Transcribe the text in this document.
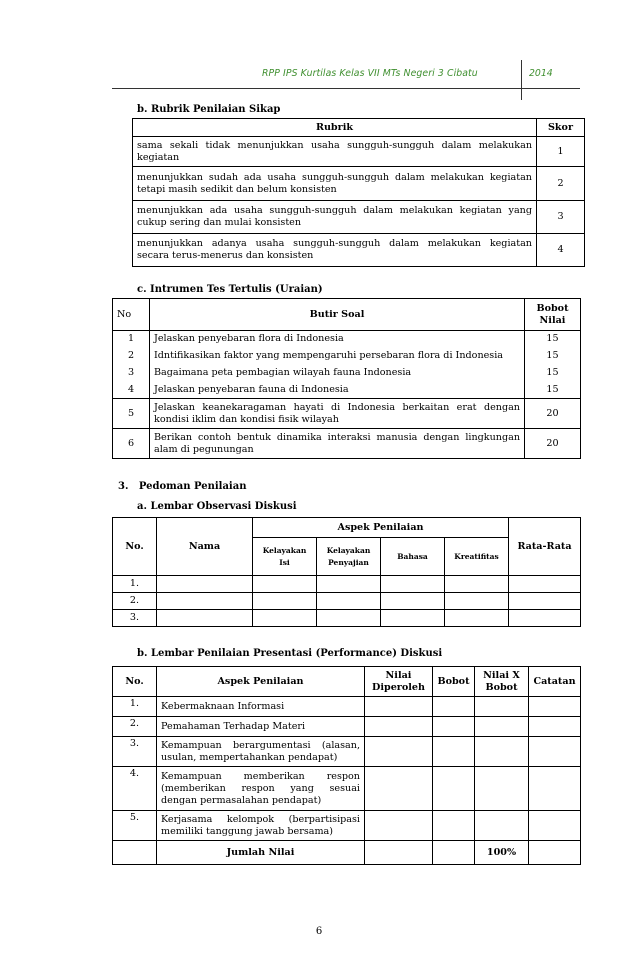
RPP IPS Kurtilas Kelas VII MTs Negeri 3 Cibatu	2014
b. Rubrik Penilaian Sikap
Rubrik	Skor
sama sekali tidak menunjukkan usaha sungguh-sungguh dalam melakukan kegiatan	1
menunjukkan sudah ada usaha sungguh-sungguh dalam melakukan kegiatan tetapi masih sedikit dan belum konsisten	2
menunjukkan ada usaha sungguh-sungguh dalam melakukan kegiatan yang cukup sering dan mulai konsisten	3
menunjukkan adanya usaha sungguh-sungguh dalam melakukan kegiatan secara terus-menerus dan konsisten	4
c. Intrumen Tes Tertulis (Uraian)
No	Butir Soal	Bobot Nilai
1	Jelaskan penyebaran flora di Indonesia	15
2	Idntifikasikan faktor yang mempengaruhi persebaran flora di Indonesia	15
3	Bagaimana peta pembagian wilayah fauna Indonesia	15
4	Jelaskan penyebaran fauna di Indonesia	15
5	Jelaskan keanekaragaman hayati di Indonesia berkaitan erat dengan kondisi iklim dan kondisi fisik wilayah	20
6	Berikan contoh bentuk dinamika interaksi manusia dengan lingkungan alam di pegunungan	20
3.   Pedoman Penilaian
a. Lembar Observasi Diskusi
No.	Nama	Aspek Penilaian				Rata-Rata
		Kelayakan Isi	Kelayakan Penyajian	Bahasa	Kreatifitas	
1.						
2.						
3.						
b. Lembar Penilaian Presentasi (Performance) Diskusi
No.	Aspek Penilaian	Nilai Diperoleh	Bobot	Nilai X Bobot	Catatan
1.	Kebermaknaan Informasi				
2.	Pemahaman Terhadap Materi				
3.	Kemampuan berargumentasi (alasan, usulan, mempertahankan pendapat)				
4.	Kemampuan memberikan respon (memberikan respon yang sesuai dengan permasalahan pendapat)				
5.	Kerjasama kelompok (berpartisipasi memiliki tanggung jawab bersama)				
	Jumlah Nilai			100%	
6
